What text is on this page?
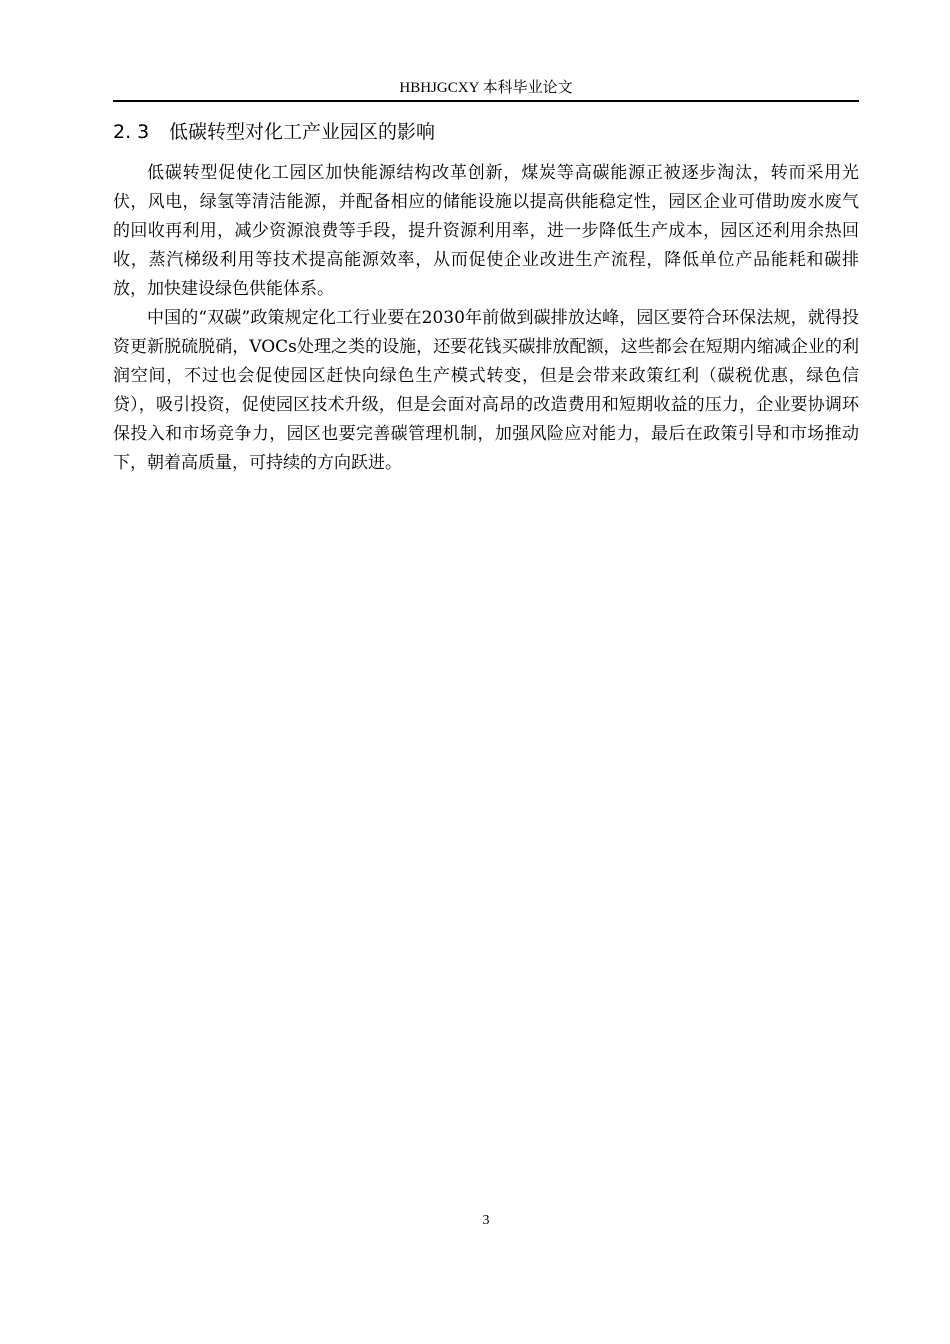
HBHJGCXY 本科毕业论文
2. 3 低碳转型对化工产业园区的影响

低碳转型促使化工园区加快能源结构改革创新，煤炭等高碳能源正被逐步淘汰，转而采用光伏，风电，绿氢等清洁能源，并配备相应的储能设施以提高供能稳定性，园区企业可借助废水废气的回收再利用，减少资源浪费等手段，提升资源利用率，进一步降低生产成本，园区还利用余热回收，蒸汽梯级利用等技术提高能源效率，从而促使企业改进生产流程，降低单位产品能耗和碳排放，加快建设绿色供能体系。

中国的“双碳”政策规定化工行业要在2030年前做到碳排放达峰，园区要符合环保法规，就得投资更新脱硫脱硝，VOCs处理之类的设施，还要花钱买碳排放配额，这些都会在短期内缩减企业的利润空间，不过也会促使园区赶快向绿色生产模式转变，但是会带来政策红利（碳税优惠，绿色信贷），吸引投资，促使园区技术升级，但是会面对高昂的改造费用和短期收益的压力，企业要协调环保投入和市场竞争力，园区也要完善碳管理机制，加强风险应对能力，最后在政策引导和市场推动下，朝着高质量，可持续的方向跃进。

3
